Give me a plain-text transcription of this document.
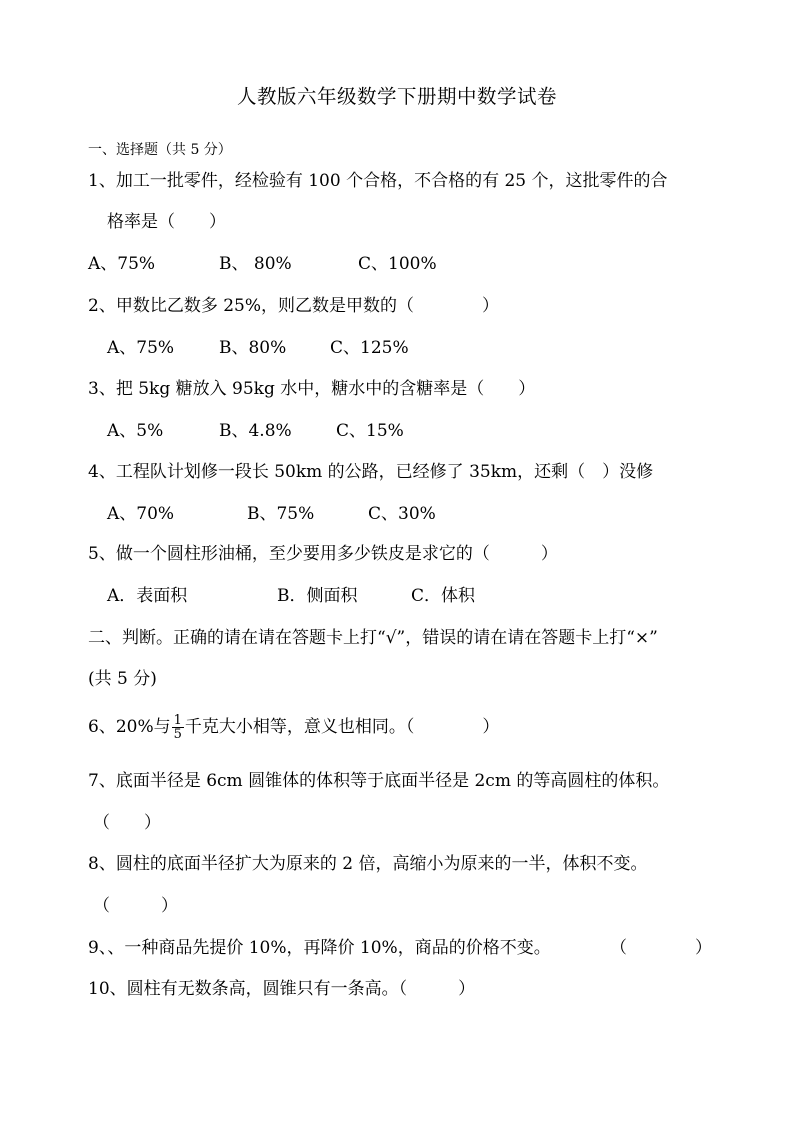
人教版六年级数学下册期中数学试卷
一、选择题（共 5 分）
1、加工一批零件，经检验有 100 个合格，不合格的有 25 个，这批零件的合
格率是（　　）
A、75%	B、 80%	C、100%
2、甲数比乙数多 25%，则乙数是甲数的（　　　　）
A、75%	B、80%	C、125%
3、把 5kg 糖放入 95kg 水中，糖水中的含糖率是（　　）
A、5%	B、4.8%	C、15%
4、工程队计划修一段长 50km 的公路，已经修了 35km，还剩（　）没修
A、70%	B、75%	C、30%
5、做一个圆柱形油桶，至少要用多少铁皮是求它的（　　　）
A．表面积	B．侧面积	C．体积
二、判断。正确的请在请在答题卡上打“√”，错误的请在请在答题卡上打“×”
(共 5 分)
6、20%与 $\frac{1}{5}$ 千克大小相等，意义也相同。（　　　　）
7、底面半径是 6cm 圆锥体的体积等于底面半径是 2cm 的等高圆柱的体积。
（　　）
8、圆柱的底面半径扩大为原来的 2 倍，高缩小为原来的一半，体积不变。
（　　　）
9、、一种商品先提价 10%，再降价 10%，商品的价格不变。	（　　　　）
10、圆柱有无数条高，圆锥只有一条高。（　　　）
